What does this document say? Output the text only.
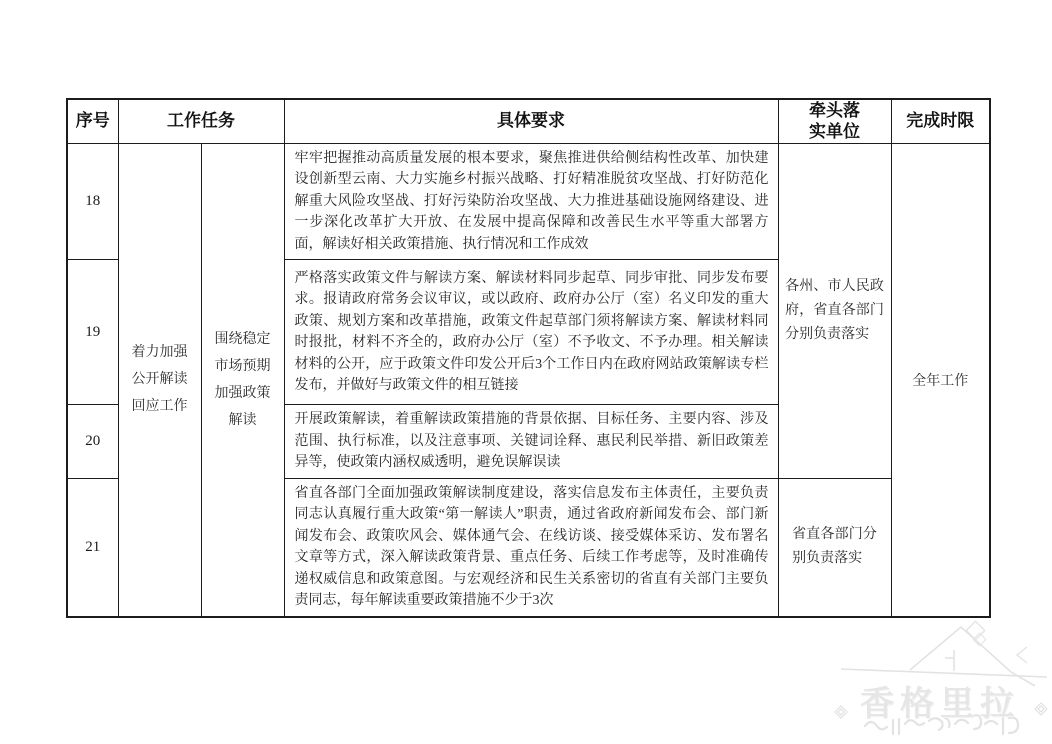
序号	工作任务		具体要求	牵头落实单位	完成时限
18	着力加强公开解读回应工作	围绕稳定市场预期加强政策解读	牢牢把握推动高质量发展的根本要求，聚焦推进供给侧结构性改革、加快建设创新型云南、大力实施乡村振兴战略、打好精准脱贫攻坚战、打好防范化解重大风险攻坚战、打好污染防治攻坚战、大力推进基础设施网络建设、进一步深化改革扩大开放、在发展中提高保障和改善民生水平等重大部署方面，解读好相关政策措施、执行情况和工作成效	各州、市人民政府，省直各部门分别负责落实	全年工作
19			严格落实政策文件与解读方案、解读材料同步起草、同步审批、同步发布要求。报请政府常务会议审议，或以政府、政府办公厅（室）名义印发的重大政策、规划方案和改革措施，政策文件起草部门须将解读方案、解读材料同时报批，材料不齐全的，政府办公厅（室）不予收文、不予办理。相关解读材料的公开，应于政策文件印发公开后3个工作日内在政府网站政策解读专栏发布，并做好与政策文件的相互链接		
20			开展政策解读，着重解读政策措施的背景依据、目标任务、主要内容、涉及范围、执行标准，以及注意事项、关键词诠释、惠民利民举措、新旧政策差异等，使政策内涵权威透明，避免误解误读		
21			省直各部门全面加强政策解读制度建设，落实信息发布主体责任，主要负责同志认真履行重大政策“第一解读人”职责，通过省政府新闻发布会、部门新闻发布会、政策吹风会、媒体通气会、在线访谈、接受媒体采访、发布署名文章等方式，深入解读政策背景、重点任务、后续工作考虑等，及时准确传递权威信息和政策意图。与宏观经济和民生关系密切的省直有关部门主要负责同志，每年解读重要政策措施不少于3次	省直各部门分别负责落实	
香格里拉
